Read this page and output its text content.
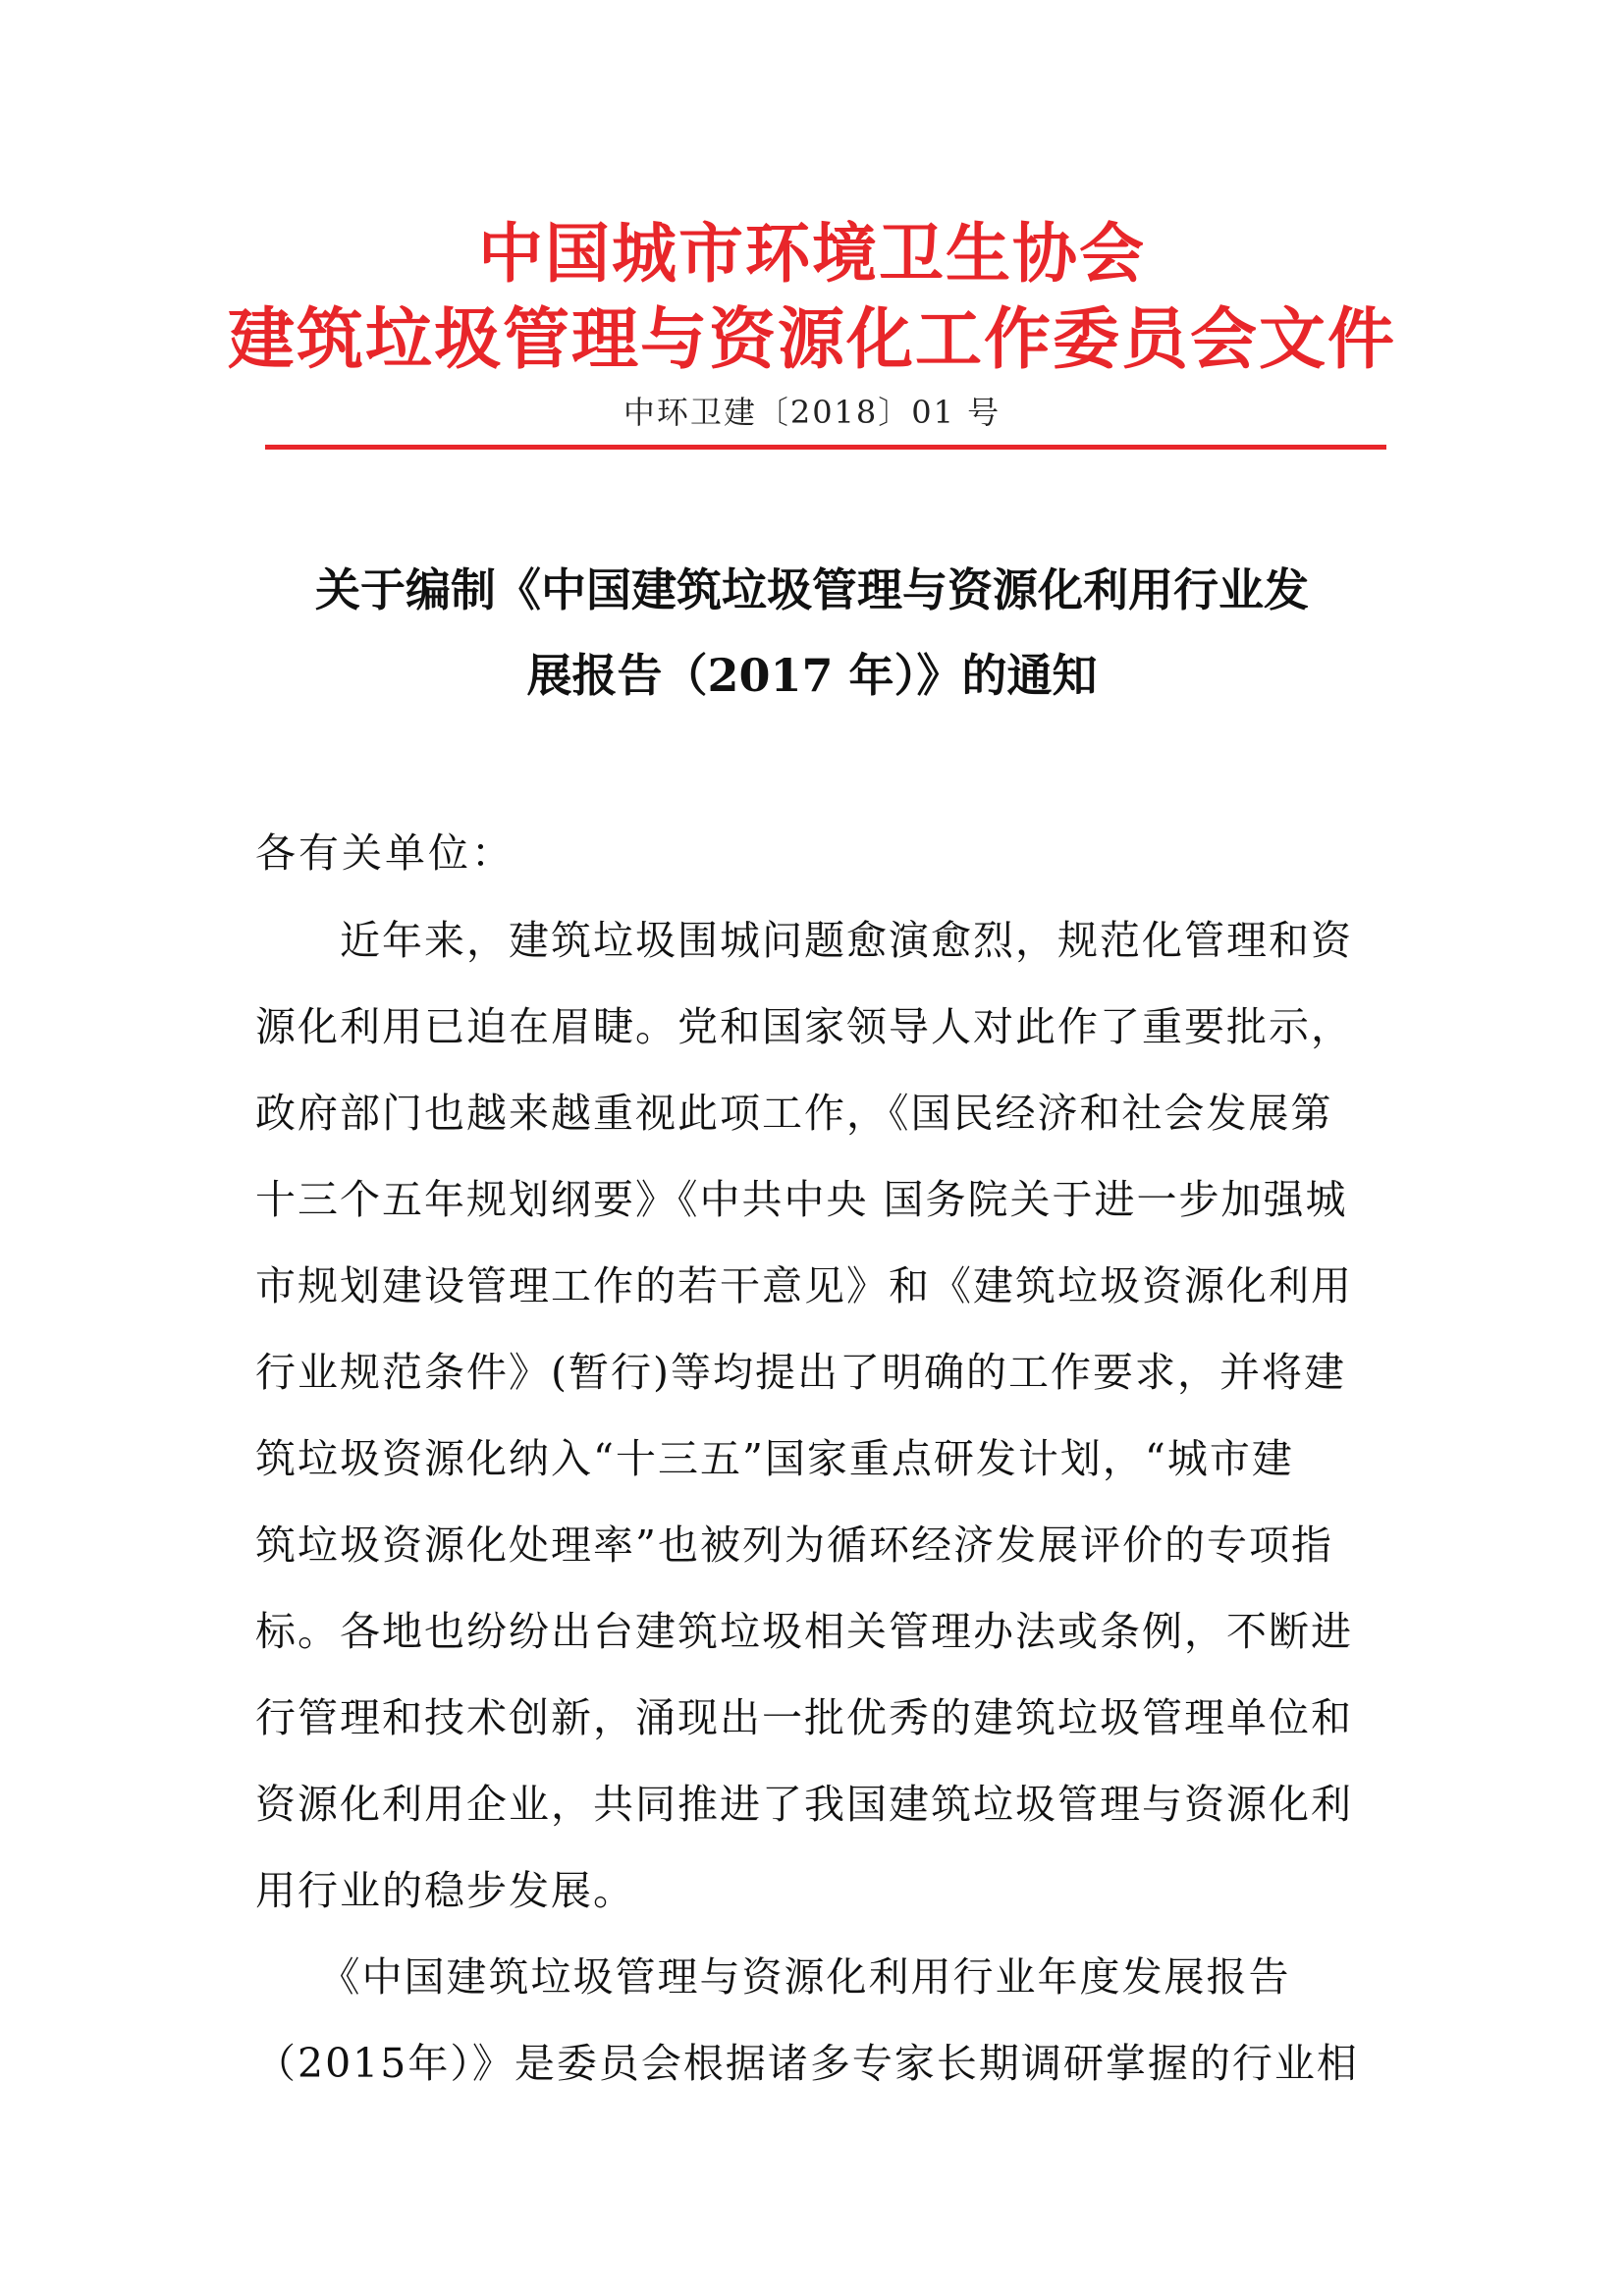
中国城市环境卫生协会
建筑垃圾管理与资源化工作委员会文件
中环卫建〔2018〕01 号
关于编制《中国建筑垃圾管理与资源化利用行业发
展报告（2017 年）》的通知
各有关单位：
　　近年来，建筑垃圾围城问题愈演愈烈，规范化管理和资
源化利用已迫在眉睫。党和国家领导人对此作了重要批示，
政府部门也越来越重视此项工作，《国民经济和社会发展第
十三个五年规划纲要》《中共中央 国务院关于进一步加强城
市规划建设管理工作的若干意见》和《建筑垃圾资源化利用
行业规范条件》(暂行)等均提出了明确的工作要求，并将建
筑垃圾资源化纳入“十三五”国家重点研发计划，“城市建
筑垃圾资源化处理率”也被列为循环经济发展评价的专项指
标。各地也纷纷出台建筑垃圾相关管理办法或条例，不断进
行管理和技术创新，涌现出一批优秀的建筑垃圾管理单位和
资源化利用企业，共同推进了我国建筑垃圾管理与资源化利
用行业的稳步发展。
　　《中国建筑垃圾管理与资源化利用行业年度发展报告
（2015年）》是委员会根据诸多专家长期调研掌握的行业相
